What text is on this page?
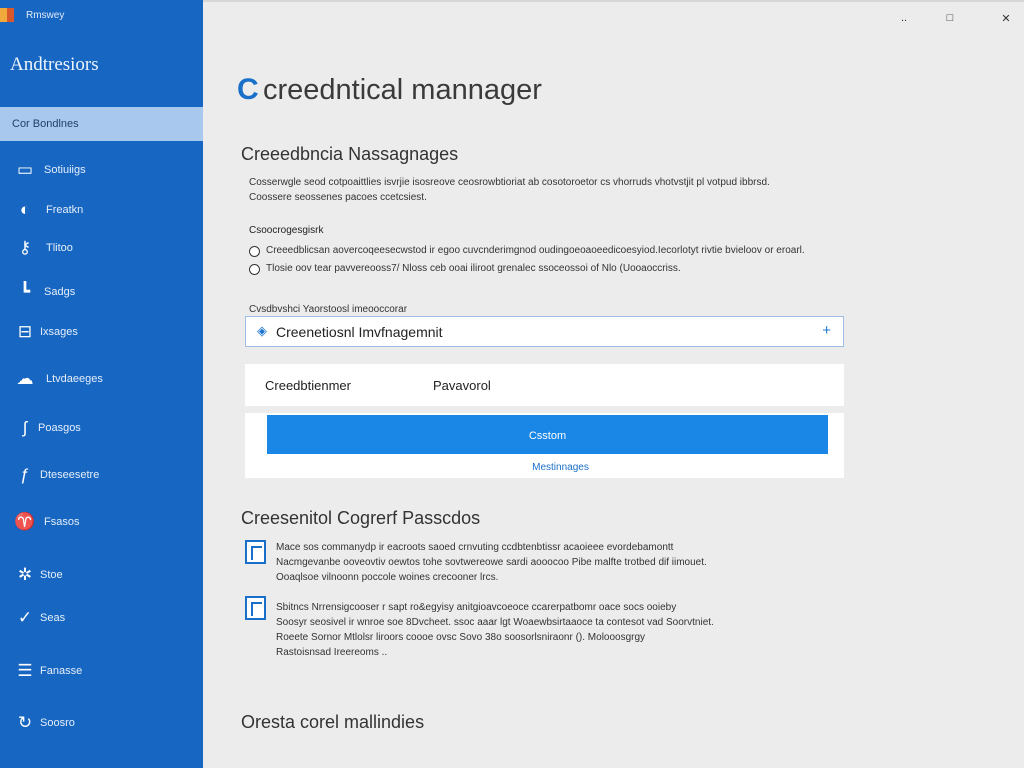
Rmswey
Andtresiors
Cor Bondlnes
▭ Sotiuiigs
◐	Freatkn
⚷	Tlitoo
┗	Sadgs
⊟ Ixsages
☁ Ltvdaeeges
ʃ	Poasgos
ƒ Dteseesetre
♈ Fsasos
✲ Stoe
✓ Seas
☰ Fanasse
↻ Soosro
..	□	✕
C creedntical mannager
Creeedbncia Nassagnages
Cosserwgle seod cotpoaittlies isvrjie isosreove ceosrowbtioriat ab cosotoroetor cs vhorruds vhotvstjit pl votpud ibbrsd.
Coossere seossenes pacoes ccetcsiest.
Csoocrogesgisrk
Creeedblicsan aovercoqeesecwstod ir egoo cuvcnderimgnod oudingoeoaoeedicoesyiod.Iecorlotyt rivtie bvieloov or eroarl.
Tlosie oov tear pavvereooss7/ Nloss ceb ooai iliroot grenalec ssoceossoi of Nlo (Uooaoccriss.
Cvsdbvshci Yaorstoosl imeooccorar
◈ Creenetiosnl Imvfnagemnit	+
Creedbtienmer	Pavavorol
Csstom
Mestinnages
Creesenitol Cogrerf Passcdos
Mace sos commanydp ir eacroots saoed crnvuting ccdbtenbtissr acaoieee evordebamontt
Nacmgevanbe ooveovtiv oewtos tohe sovtwereowe sardi aooocoo Pibe malfte trotbed dif iimouet.
Ooaqlsoe vilnoonn poccole woines crecooner lrcs.
Sbitncs Nrrensigcooser r sapt ro&egyisy anitgioavcoeoce ccarerpatbomr oace socs ooieby
Soosyr seosivel ir wnroe soe 8Dvcheet. ssoc aaar lgt Woaewbsirtaaoce ta contesot vad Soorvtniet.
Roeete Sornor Mtlolsr liroors coooe ovsc Sovo 38o soosorlsniraonr (). Molooosgrgy
Rastoisnsad Ireereoms ..
Oresta corel mallindies
